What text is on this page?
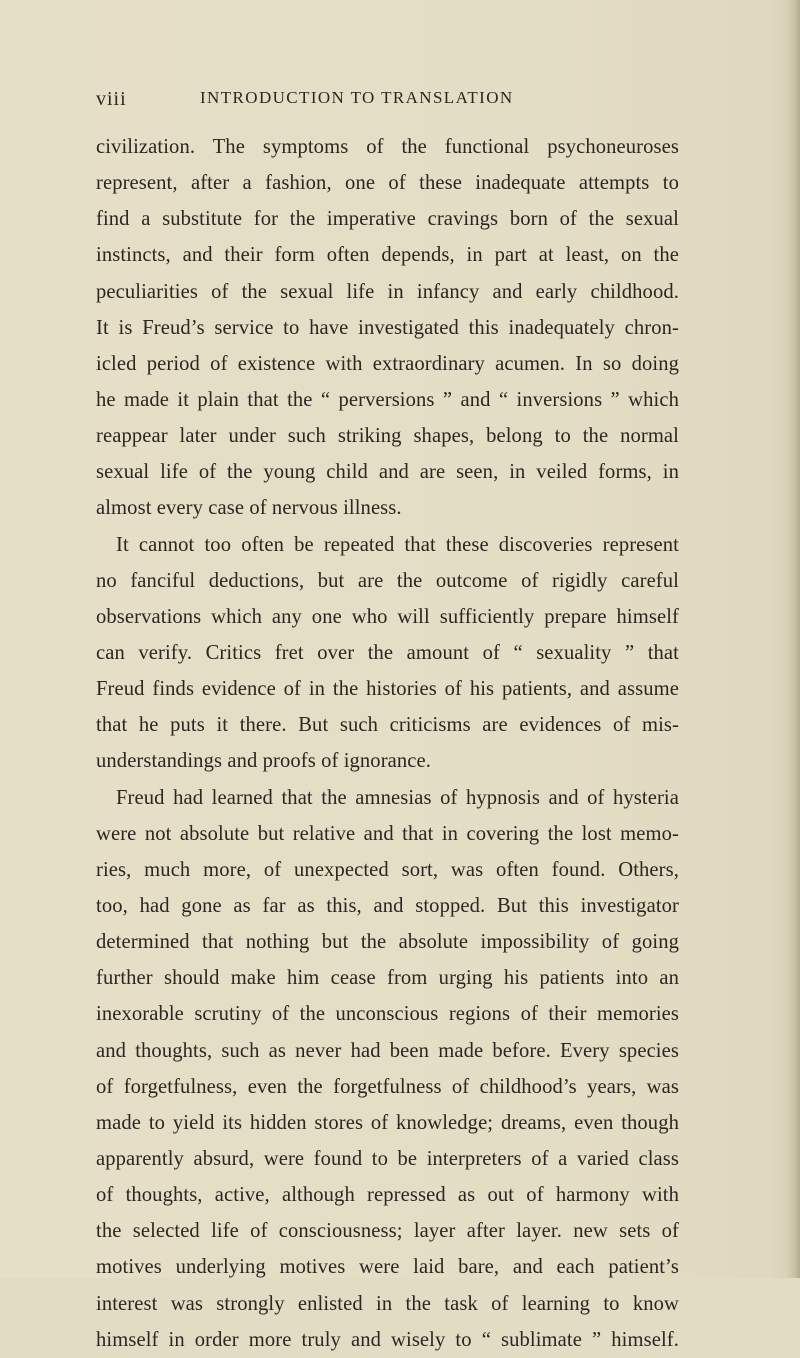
viii	INTRODUCTION TO TRANSLATION
civilization. The symptoms of the functional psychoneuroses
represent, after a fashion, one of these inadequate attempts to
find a substitute for the imperative cravings born of the sexual
instincts, and their form often depends, in part at least, on the
peculiarities of the sexual life in infancy and early childhood.
It is Freud’s service to have investigated this inadequately chron-
icled period of existence with extraordinary acumen. In so doing
he made it plain that the “ perversions ” and “ inversions ” which
reappear later under such striking shapes, belong to the normal
sexual life of the young child and are seen, in veiled forms, in
almost every case of nervous illness.
It cannot too often be repeated that these discoveries represent
no fanciful deductions, but are the outcome of rigidly careful
observations which any one who will sufficiently prepare himself
can verify. Critics fret over the amount of “ sexuality ” that
Freud finds evidence of in the histories of his patients, and assume
that he puts it there. But such criticisms are evidences of mis-
understandings and proofs of ignorance.
Freud had learned that the amnesias of hypnosis and of hysteria
were not absolute but relative and that in covering the lost memo-
ries, much more, of unexpected sort, was often found. Others,
too, had gone as far as this, and stopped. But this investigator
determined that nothing but the absolute impossibility of going
further should make him cease from urging his patients into an
inexorable scrutiny of the unconscious regions of their memories
and thoughts, such as never had been made before. Every species
of forgetfulness, even the forgetfulness of childhood’s years, was
made to yield its hidden stores of knowledge; dreams, even though
apparently absurd, were found to be interpreters of a varied class
of thoughts, active, although repressed as out of harmony with
the selected life of consciousness; layer after layer. new sets of
motives underlying motives were laid bare, and each patient’s
interest was strongly enlisted in the task of learning to know
himself in order more truly and wisely to “ sublimate ” himself.
